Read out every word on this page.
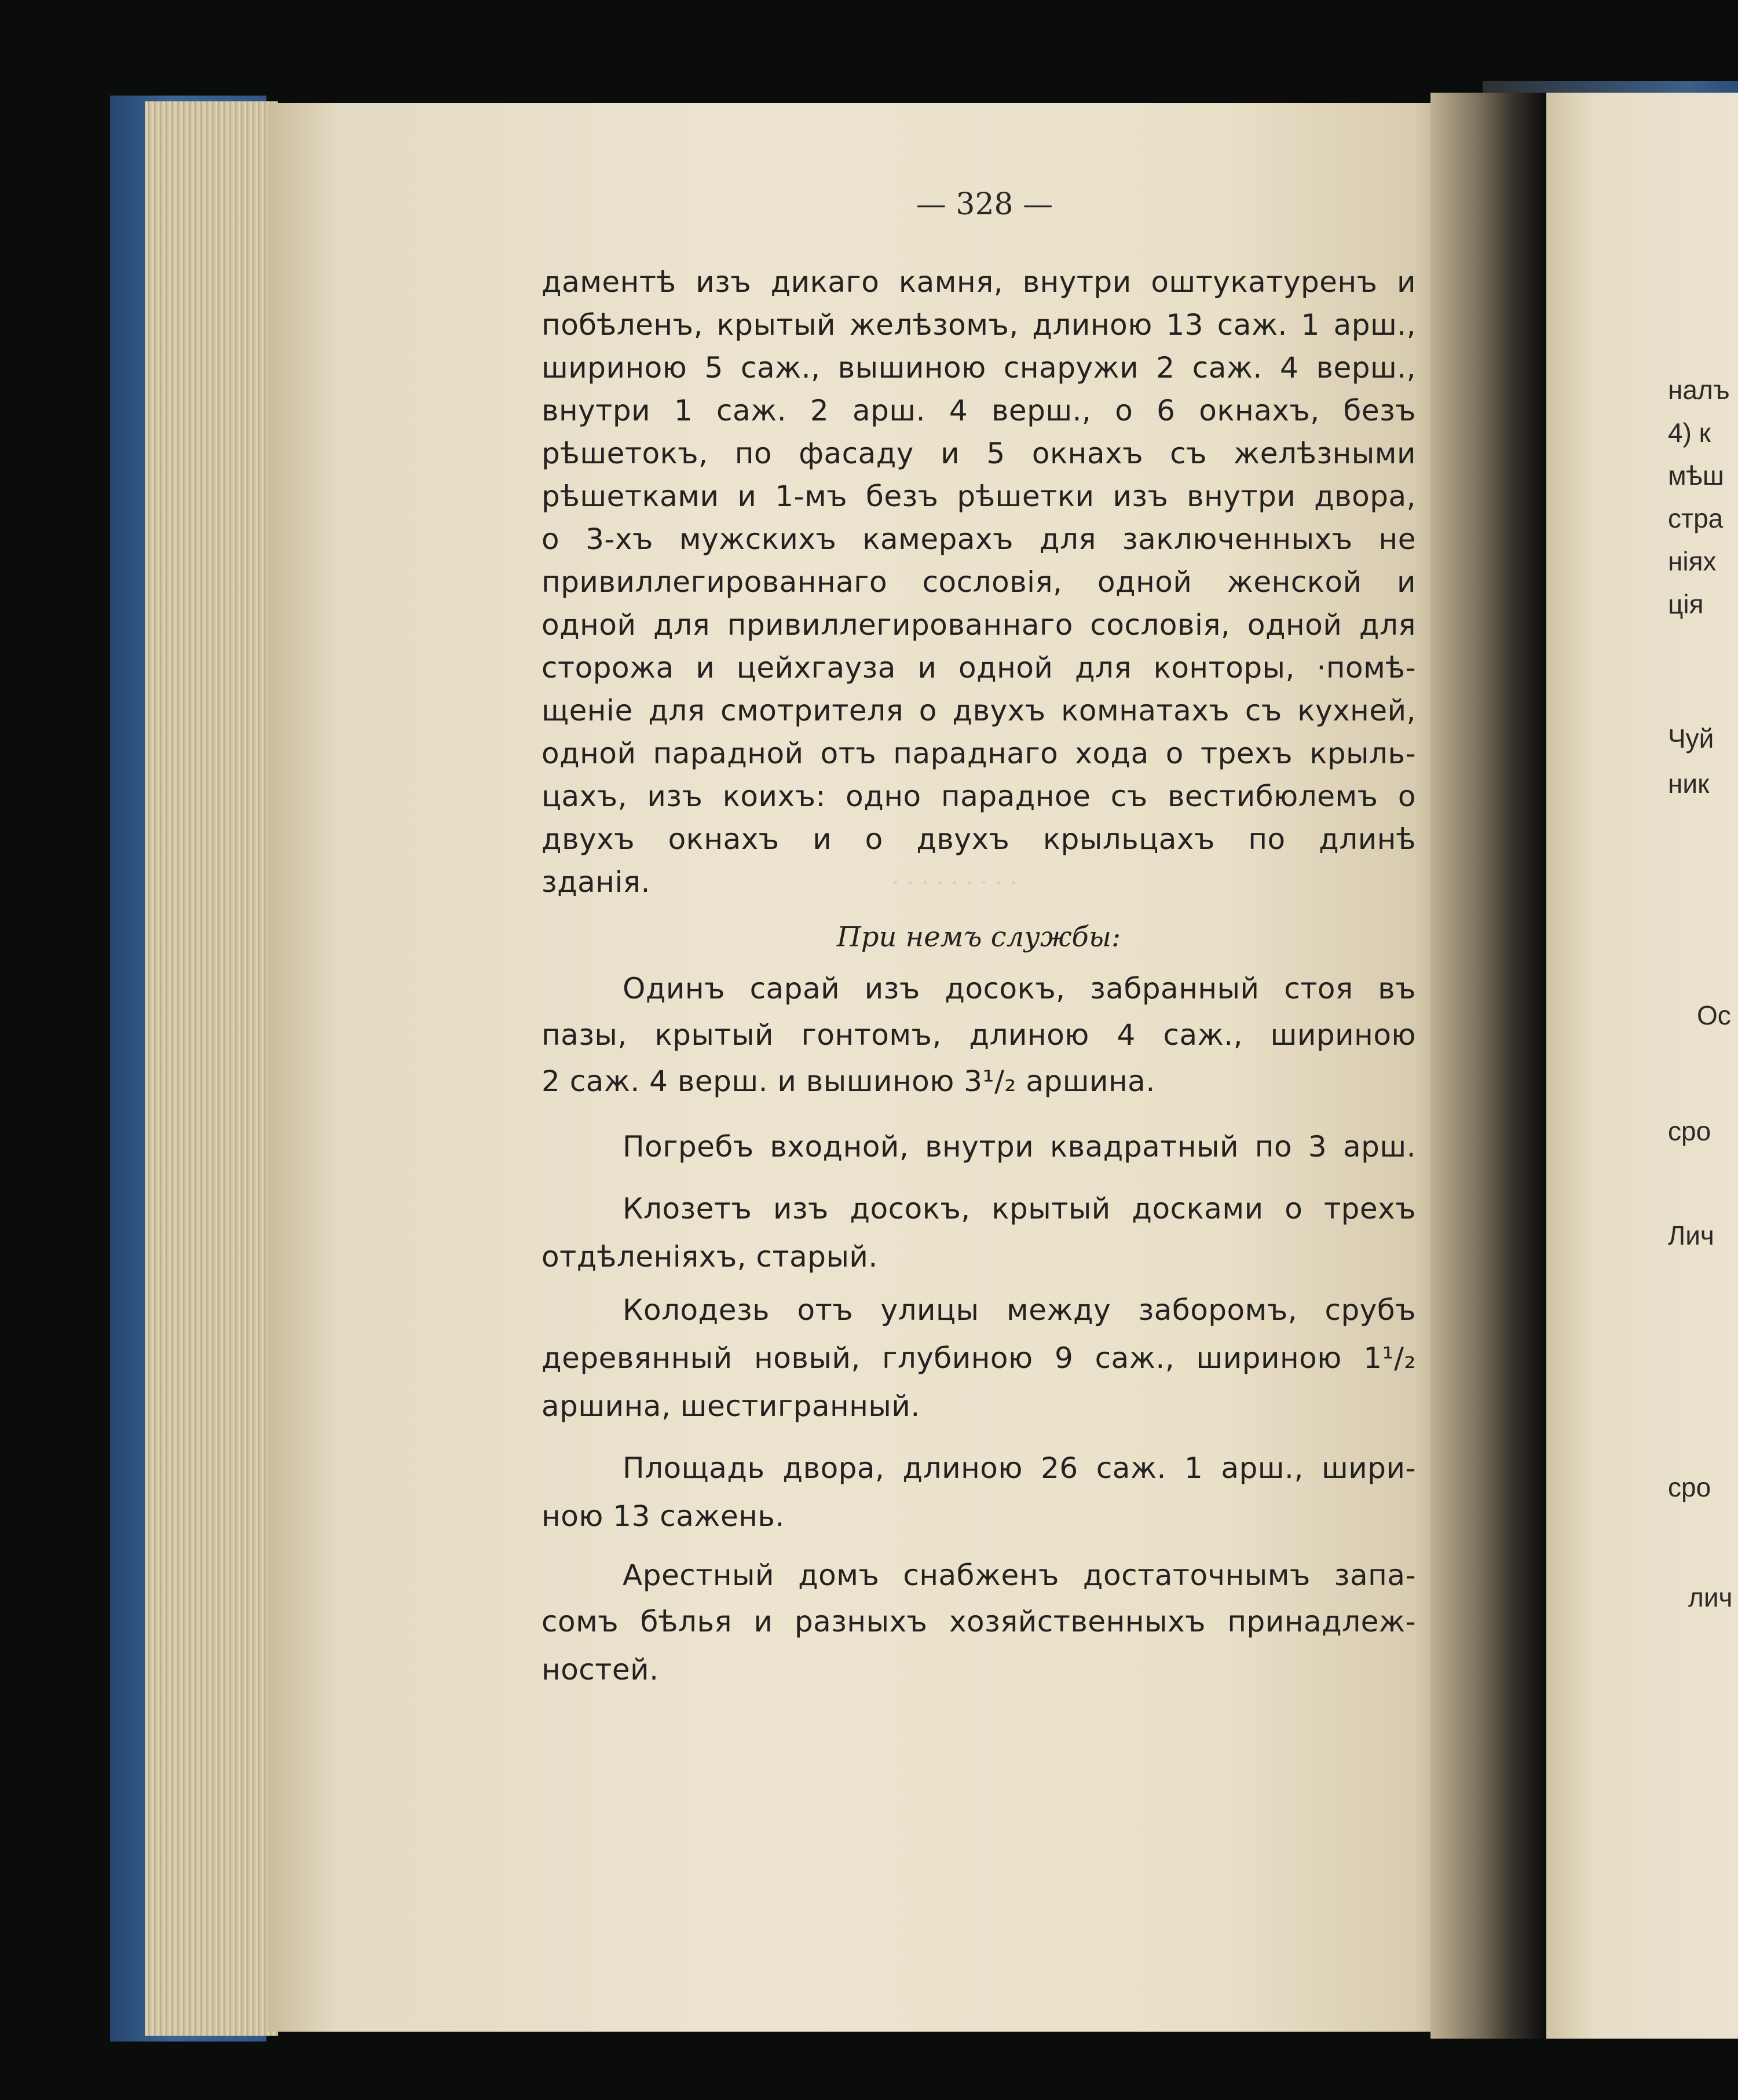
. . . . . . . . .
— 328 —
даментѣ изъ дикаго камня, внутри оштукатуренъ и
побѣленъ, крытый желѣзомъ, длиною 13 саж. 1 арш.,
шириною 5 саж., вышиною снаружи 2 саж. 4 верш.,
внутри 1 саж. 2 арш. 4 верш., о 6 окнахъ, безъ
рѣшетокъ, по фасаду и 5 окнахъ съ желѣзными
рѣшетками и 1-мъ безъ рѣшетки изъ внутри двора,
о 3-хъ мужскихъ камерахъ для заключенныхъ не
привиллегированнаго сословія, одной женской и
одной для привиллегированнаго сословія, одной для
сторожа и цейхгауза и одной для конторы, ·помѣ-
щеніе для смотрителя о двухъ комнатахъ съ кухней,
одной парадной отъ параднаго хода о трехъ крыль-
цахъ, изъ коихъ: одно парадное съ вестибюлемъ о
двухъ окнахъ и о двухъ крыльцахъ по длинѣ
зданія.
При немъ службы:
Одинъ сарай изъ досокъ, забранный стоя въ
пазы, крытый гонтомъ, длиною 4 саж., шириною
2 саж. 4 верш. и вышиною 3¹/₂ аршина.
Погребъ входной, внутри квадратный по 3 арш.
Клозетъ изъ досокъ, крытый досками о трехъ
отдѣленіяхъ, старый.
Колодезь отъ улицы между заборомъ, срубъ
деревянный новый, глубиною 9 саж., шириною 1¹/₂
аршина, шестигранный.
Площадь двора, длиною 26 саж. 1 арш., шири-
ною 13 сажень.
Арестный домъ снабженъ достаточнымъ запа-
сомъ бѣлья и разныхъ хозяйственныхъ принадлеж-
ностей.
налъ
4) к
мѣш
стра
ніях
ція
Чуй
ник
Ос
сро
Лич
сро
лич
